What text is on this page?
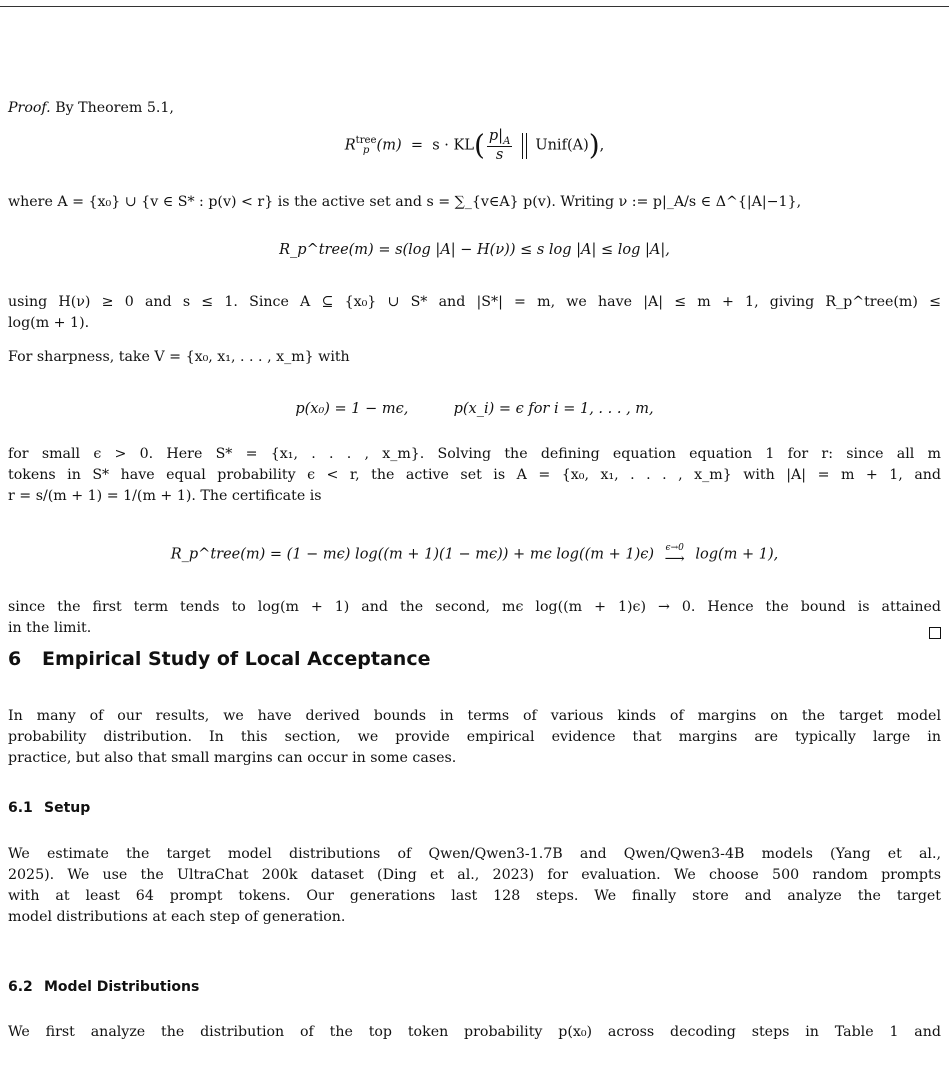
Proof. By Theorem 5.1,

R tree
p $(m) = s \cdot KL( \frac{p|_A}{s}$ Unif(A)),

where A = {x₀} ∪ {v ∈ S* : p(v) < r} is the active set and s = ∑_{v∈A} p(v). Writing ν := p|_A/s ∈ Δ^{|A|−1},

R_p^tree(m) = s(log |A| − H(ν)) ≤ s log |A| ≤ log |A|,

using H(ν) ≥ 0 and s ≤ 1. Since A ⊆ {x₀} ∪ S* and |S*| = m, we have |A| ≤ m + 1, giving R_p^tree(m) ≤
log(m + 1).

For sharpness, take V = {x₀, x₁, . . . , x_m} with

p(x₀) = 1 − mϵ,	p(x_i) = ϵ for i = 1, . . . , m,

for small ϵ > 0. Here S* = {x₁, . . . , x_m}. Solving the defining equation equation 1 for r: since all m
tokens in S* have equal probability ϵ < r, the active set is A = {x₀, x₁, . . . , x_m} with |A| = m + 1, and
r = s/(m + 1) = 1/(m + 1). The certificate is

R_p^tree(m) = (1 − mϵ) log((m + 1)(1 − mϵ)) + mϵ log((m + 1)ϵ) ϵ→0
⟶ log(m + 1),

since the first term tends to log(m + 1) and the second, mϵ log((m + 1)ϵ) → 0. Hence the bound is attained
in the limit.

6 Empirical Study of Local Acceptance

In many of our results, we have derived bounds in terms of various kinds of margins on the target model
probability distribution. In this section, we provide empirical evidence that margins are typically large in
practice, but also that small margins can occur in some cases.

6.1 Setup

We estimate the target model distributions of Qwen/Qwen3-1.7B and Qwen/Qwen3-4B models (Yang et al.,
2025). We use the UltraChat 200k dataset (Ding et al., 2023) for evaluation. We choose 500 random prompts
with at least 64 prompt tokens. Our generations last 128 steps. We finally store and analyze the target
model distributions at each step of generation.

6.2 Model Distributions

We first analyze the distribution of the top token probability p(x₀) across decoding steps in Table 1 and
